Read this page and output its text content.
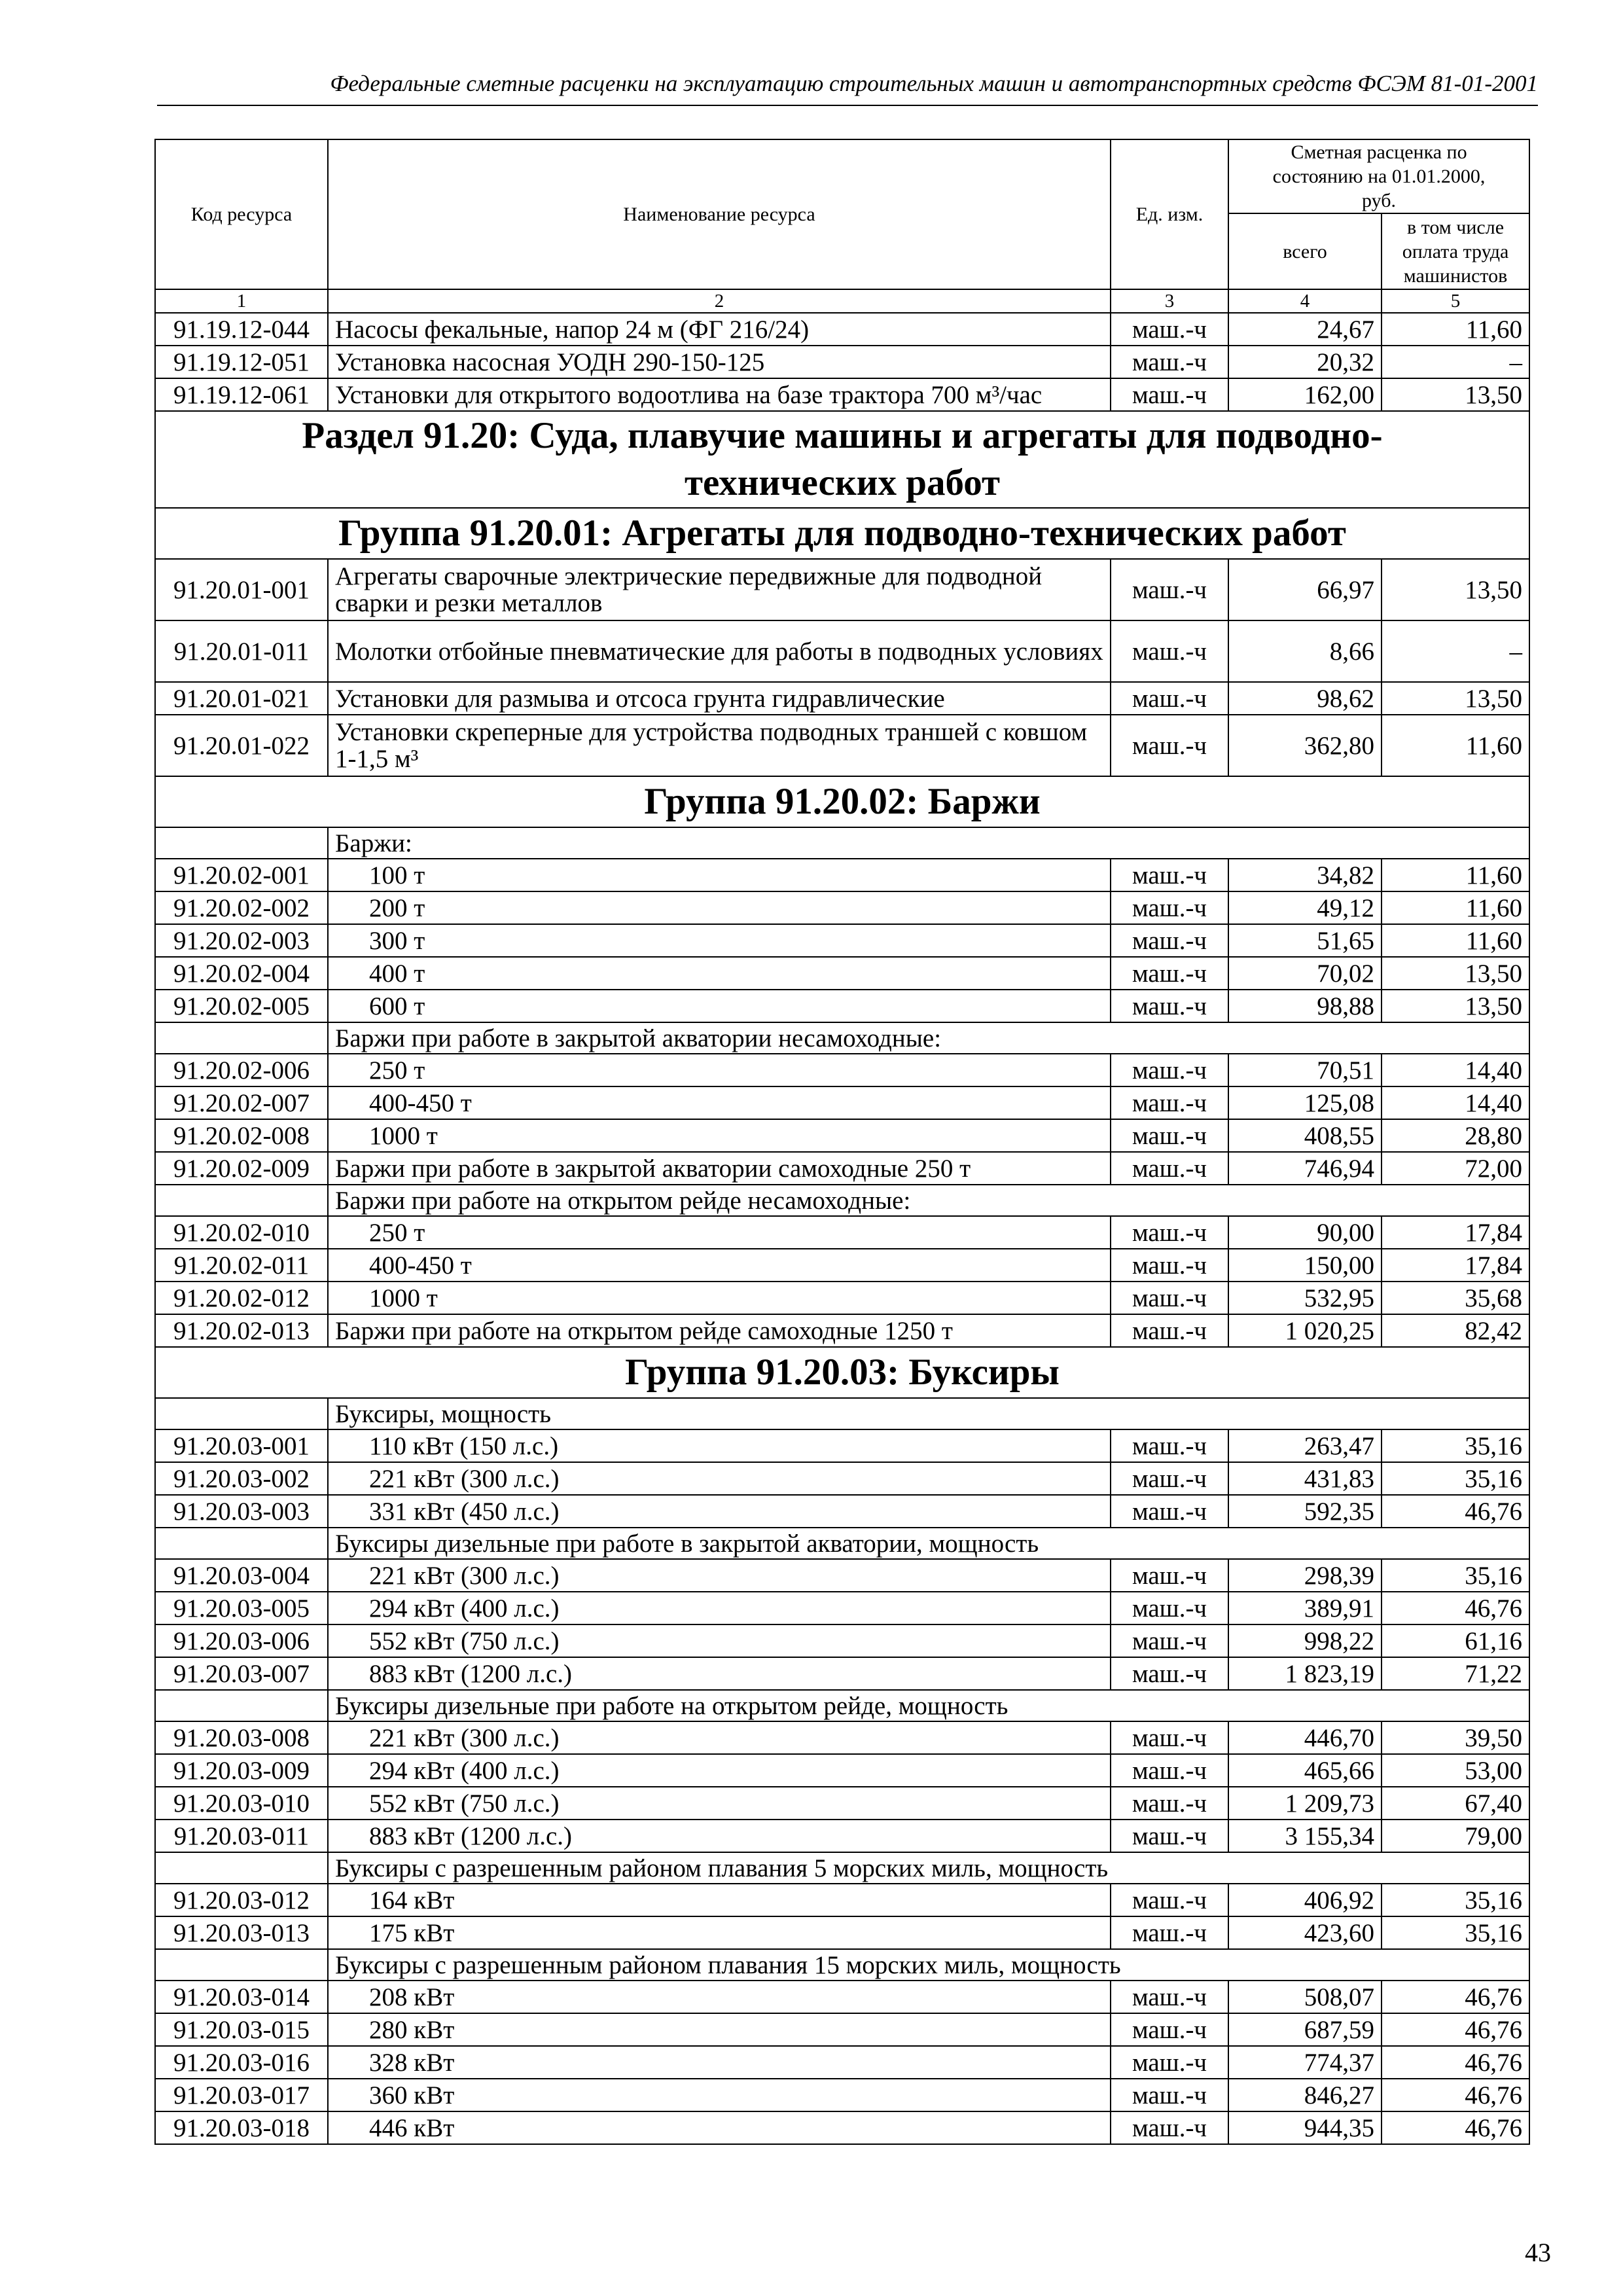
Федеральные сметные расценки на эксплуатацию строительных машин и автотранспортных средств ФСЭМ 81-01-2001
Код ресурса	Наименование ресурса	Ед. изм.	Сметная расценка по состоянию на 01.01.2000, руб.	
			всего	в том числе оплата труда машинистов
1	2	3	4	5
91.19.12-044	Насосы фекальные, напор 24 м (ФГ 216/24)	маш.-ч	24,67	11,60
91.19.12-051	Установка насосная УОДН 290-150-125	маш.-ч	20,32	–
91.19.12-061	Установки для открытого водоотлива на базе трактора 700 м³/час	маш.-ч	162,00	13,50
Раздел 91.20: Суда, плавучие машины и агрегаты для подводно-технических работ				
Группа 91.20.01: Агрегаты для подводно-технических работ				
91.20.01-001	Агрегаты сварочные электрические передвижные для подводной сварки и резки металлов	маш.-ч	66,97	13,50
91.20.01-011	Молотки отбойные пневматические для работы в подводных условиях	маш.-ч	8,66	–
91.20.01-021	Установки для размыва и отсоса грунта гидравлические	маш.-ч	98,62	13,50
91.20.01-022	Установки скреперные для устройства подводных траншей с ковшом 1-1,5 м³	маш.-ч	362,80	11,60
Группа 91.20.02: Баржи				
	Баржи:			
91.20.02-001	100 т	маш.-ч	34,82	11,60
91.20.02-002	200 т	маш.-ч	49,12	11,60
91.20.02-003	300 т	маш.-ч	51,65	11,60
91.20.02-004	400 т	маш.-ч	70,02	13,50
91.20.02-005	600 т	маш.-ч	98,88	13,50
	Баржи при работе в закрытой акватории несамоходные:			
91.20.02-006	250 т	маш.-ч	70,51	14,40
91.20.02-007	400-450 т	маш.-ч	125,08	14,40
91.20.02-008	1000 т	маш.-ч	408,55	28,80
91.20.02-009	Баржи при работе в закрытой акватории самоходные 250 т	маш.-ч	746,94	72,00
	Баржи при работе на открытом рейде несамоходные:			
91.20.02-010	250 т	маш.-ч	90,00	17,84
91.20.02-011	400-450 т	маш.-ч	150,00	17,84
91.20.02-012	1000 т	маш.-ч	532,95	35,68
91.20.02-013	Баржи при работе на открытом рейде самоходные 1250 т	маш.-ч	1 020,25	82,42
Группа 91.20.03: Буксиры				
	Буксиры, мощность			
91.20.03-001	110 кВт (150 л.с.)	маш.-ч	263,47	35,16
91.20.03-002	221 кВт (300 л.с.)	маш.-ч	431,83	35,16
91.20.03-003	331 кВт (450 л.с.)	маш.-ч	592,35	46,76
	Буксиры дизельные при работе в закрытой акватории, мощность			
91.20.03-004	221 кВт (300 л.с.)	маш.-ч	298,39	35,16
91.20.03-005	294 кВт (400 л.с.)	маш.-ч	389,91	46,76
91.20.03-006	552 кВт (750 л.с.)	маш.-ч	998,22	61,16
91.20.03-007	883 кВт (1200 л.с.)	маш.-ч	1 823,19	71,22
	Буксиры дизельные при работе на открытом рейде, мощность			
91.20.03-008	221 кВт (300 л.с.)	маш.-ч	446,70	39,50
91.20.03-009	294 кВт (400 л.с.)	маш.-ч	465,66	53,00
91.20.03-010	552 кВт (750 л.с.)	маш.-ч	1 209,73	67,40
91.20.03-011	883 кВт (1200 л.с.)	маш.-ч	3 155,34	79,00
	Буксиры с разрешенным районом плавания 5 морских миль, мощность			
91.20.03-012	164 кВт	маш.-ч	406,92	35,16
91.20.03-013	175 кВт	маш.-ч	423,60	35,16
	Буксиры с разрешенным районом плавания 15 морских миль, мощность			
91.20.03-014	208 кВт	маш.-ч	508,07	46,76
91.20.03-015	280 кВт	маш.-ч	687,59	46,76
91.20.03-016	328 кВт	маш.-ч	774,37	46,76
91.20.03-017	360 кВт	маш.-ч	846,27	46,76
91.20.03-018	446 кВт	маш.-ч	944,35	46,76
43
